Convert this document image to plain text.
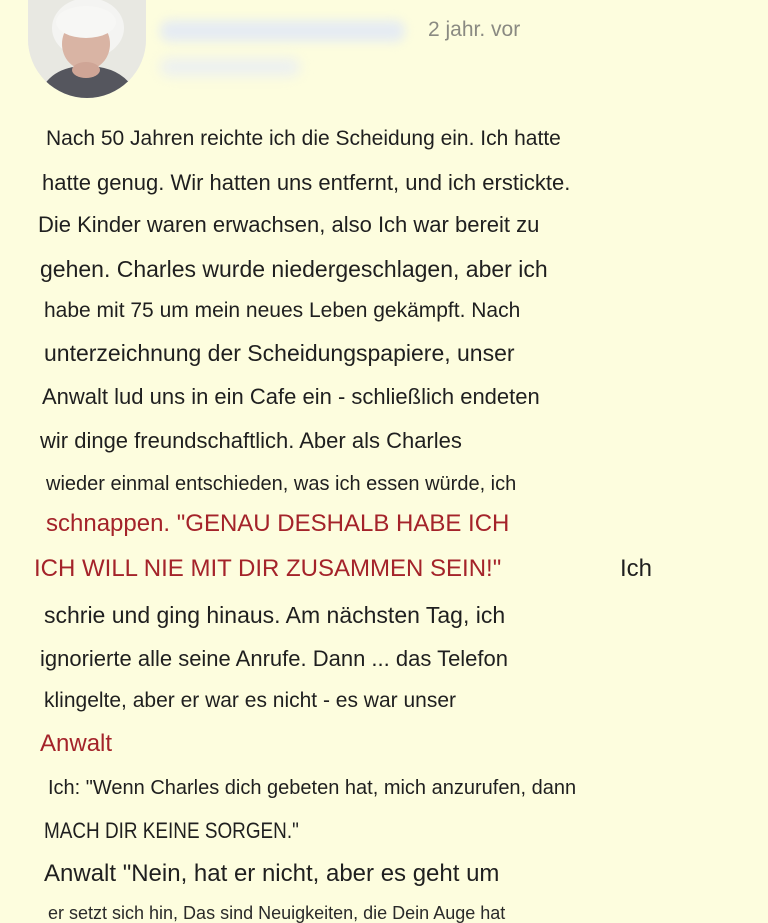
2 jahr. vor
Nach 50 Jahren reichte ich die Scheidung ein. Ich hatte
hatte genug. Wir hatten uns entfernt, und ich erstickte.
Die Kinder waren erwachsen, also Ich war bereit zu
gehen. Charles wurde niedergeschlagen, aber ich
habe mit 75 um mein neues Leben gekämpft. Nach
unterzeichnung der Scheidungspapiere, unser
Anwalt lud uns in ein Cafe ein - schließlich endeten
wir dinge freundschaftlich. Aber als Charles
wieder einmal entschieden, was ich essen würde, ich
schnappen. "GENAU DESHALB HABE ICH
ICH WILL NIE MIT DIR ZUSAMMEN SEIN!"	Ich
schrie und ging hinaus. Am nächsten Tag, ich
ignorierte alle seine Anrufe. Dann ... das Telefon
klingelte, aber er war es nicht - es war unser
Anwalt
Ich: "Wenn Charles dich gebeten hat, mich anzurufen, dann
MACH DIR KEINE SORGEN."
Anwalt "Nein, hat er nicht, aber es geht um
er setzt sich hin, Das sind Neuigkeiten, die Dein Auge hat
